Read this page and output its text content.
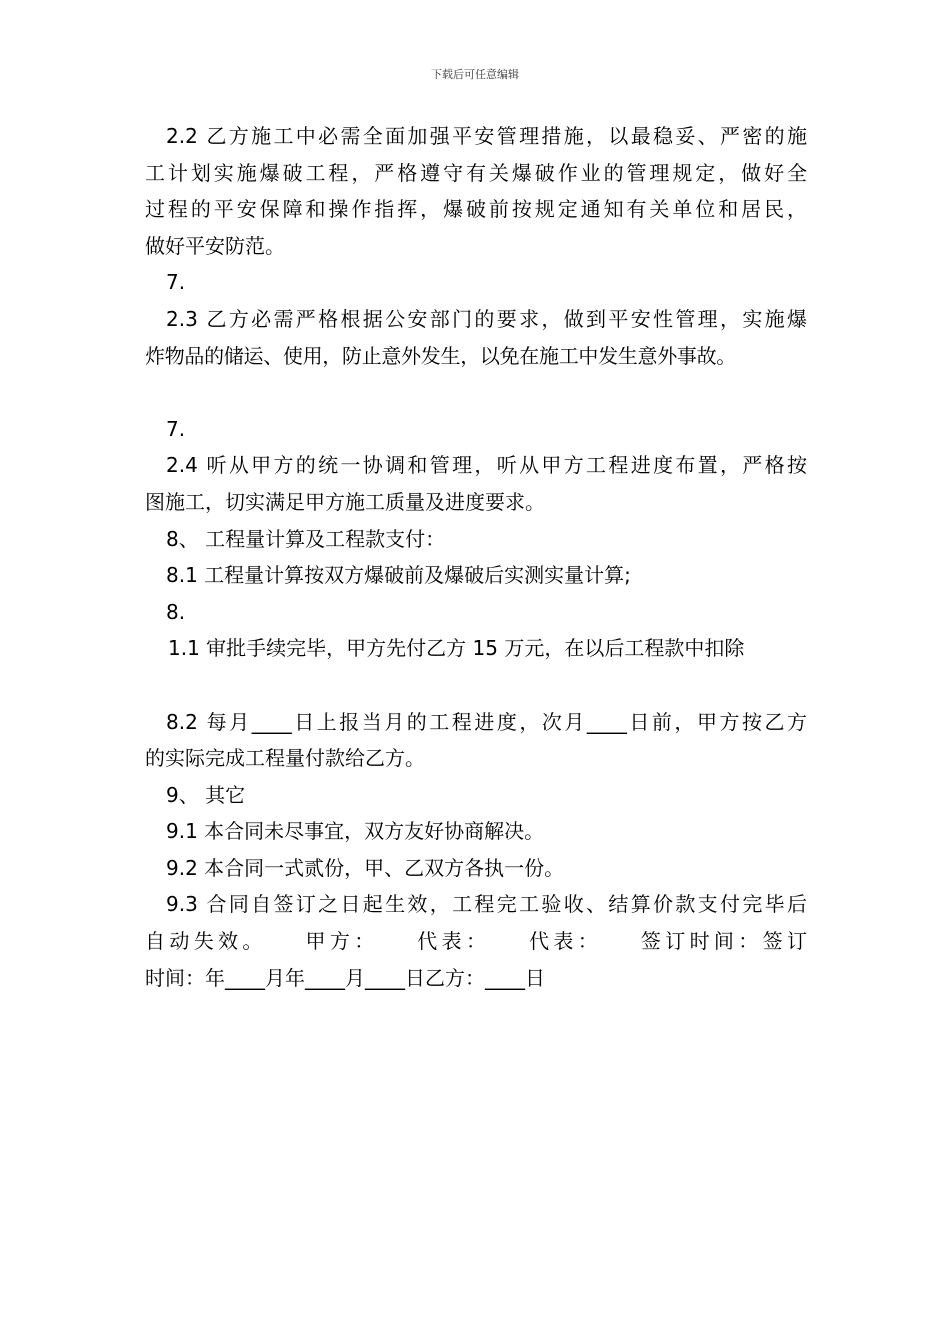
下载后可任意编辑

2.2 乙方施工中必需全面加强平安管理措施，以最稳妥、严密的施

工计划实施爆破工程，严格遵守有关爆破作业的管理规定，做好全

过程的平安保障和操作指挥，爆破前按规定通知有关单位和居民，

做好平安防范。

7.

2.3 乙方必需严格根据公安部门的要求，做到平安性管理，实施爆

炸物品的储运、使用，防止意外发生，以免在施工中发生意外事故。

7.

2.4 听从甲方的统一协调和管理，听从甲方工程进度布置，严格按

图施工，切实满足甲方施工质量及进度要求。

8、 工程量计算及工程款支付：

8.1 工程量计算按双方爆破前及爆破后实测实量计算;

8.

1.1 审批手续完毕，甲方先付乙方 15 万元，在以后工程款中扣除

8.2 每月____日上报当月的工程进度，次月____日前，甲方按乙方

的实际完成工程量付款给乙方。

9、 其它

9.1 本合同未尽事宜，双方友好协商解决。

9.2 本合同一式贰份，甲、乙双方各执一份。

9.3 合同自签订之日起生效，工程完工验收、结算价款支付完毕后

自动失效。　　甲方：　　代表：　　代表：　　签订时间：签订

时间：年____月年____月____日乙方：____日
